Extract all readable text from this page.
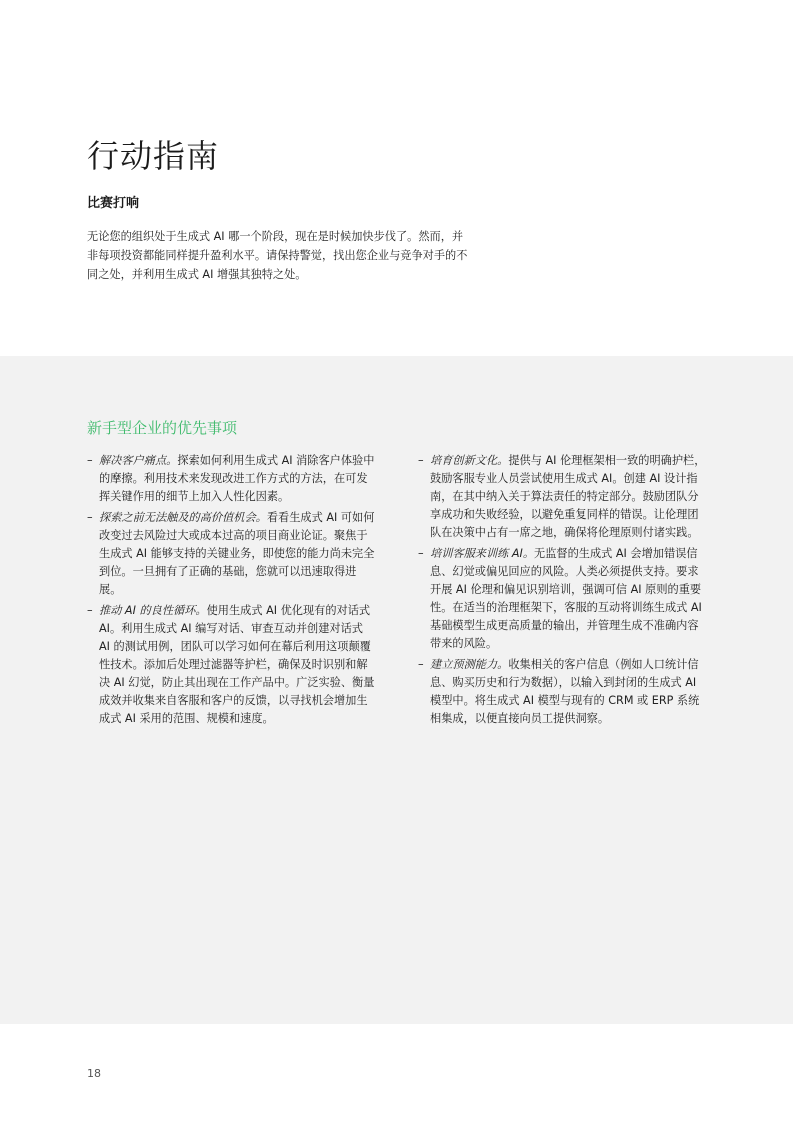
行动指南
比赛打响

无论您的组织处于生成式 AI 哪一个阶段，现在是时候加快步伐了。然而，并非每项投资都能同样提升盈利水平。请保持警觉，找出您企业与竞争对手的不同之处，并利用生成式 AI 增强其独特之处。

新手型企业的优先事项
– 解决客户痛点。探索如何利用生成式 AI 消除客户体验中的摩擦。利用技术来发现改进工作方式的方法，在可发挥关键作用的细节上加入人性化因素。
– 探索之前无法触及的高价值机会。看看生成式 AI 可如何改变过去风险过大或成本过高的项目商业论证。聚焦于生成式 AI 能够支持的关键业务，即使您的能力尚未完全到位。一旦拥有了正确的基础，您就可以迅速取得进展。
– 推动 AI 的良性循环。使用生成式 AI 优化现有的对话式 AI。利用生成式 AI 编写对话、审查互动并创建对话式 AI 的测试用例，团队可以学习如何在幕后利用这项颠覆性技术。添加后处理过滤器等护栏，确保及时识别和解决 AI 幻觉，防止其出现在工作产品中。广泛实验、衡量成效并收集来自客服和客户的反馈，以寻找机会增加生成式 AI 采用的范围、规模和速度。
– 培育创新文化。提供与 AI 伦理框架相一致的明确护栏，鼓励客服专业人员尝试使用生成式 AI。创建 AI 设计指南，在其中纳入关于算法责任的特定部分。鼓励团队分享成功和失败经验，以避免重复同样的错误。让伦理团队在决策中占有一席之地，确保将伦理原则付诸实践。
– 培训客服来训练 AI。无监督的生成式 AI 会增加错误信息、幻觉或偏见回应的风险。人类必须提供支持。要求开展 AI 伦理和偏见识别培训，强调可信 AI 原则的重要性。在适当的治理框架下，客服的互动将训练生成式 AI 基础模型生成更高质量的输出，并管理生成不准确内容带来的风险。
– 建立预测能力。收集相关的客户信息（例如人口统计信息、购买历史和行为数据），以输入到封闭的生成式 AI 模型中。将生成式 AI 模型与现有的 CRM 或 ERP 系统相集成，以便直接向员工提供洞察。

18
